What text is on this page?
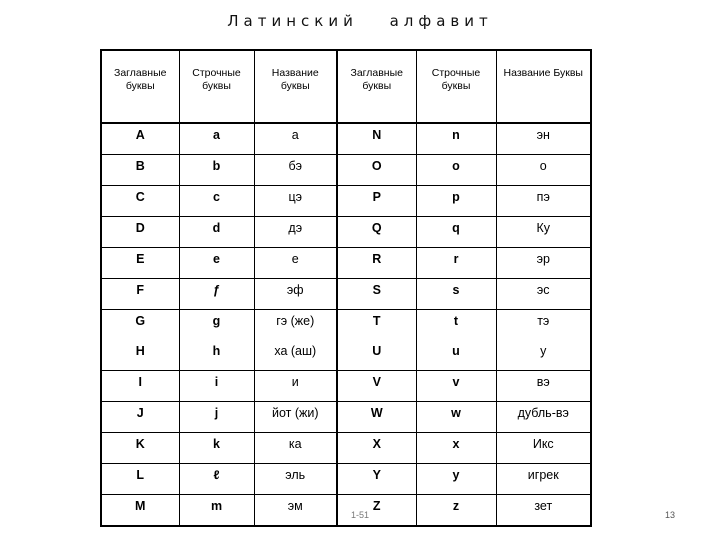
Латинский алфавит
Заглавные буквы	Строчные буквы	Название буквы	Заглавные буквы	Строчные буквы	Название Буквы
A	a	а	N	n	эн
B	b	бэ	O	o	о
C	c	цэ	P	p	пэ
D	d	дэ	Q	q	Ку
E	e	е	R	r	эр
F	ƒ	эф	S	s	эс
G	g	гэ (же)	T	t	тэ
H	h	ха (аш)	U	u	у
I	i	и	V	v	вэ
J	j	йот (жи)	W	w	дубль-вэ
K	k	ка	X	x	Икс
L	ℓ	эль	Y	y	игрек
M	m	эм	Z	z	зет
1-51	13
